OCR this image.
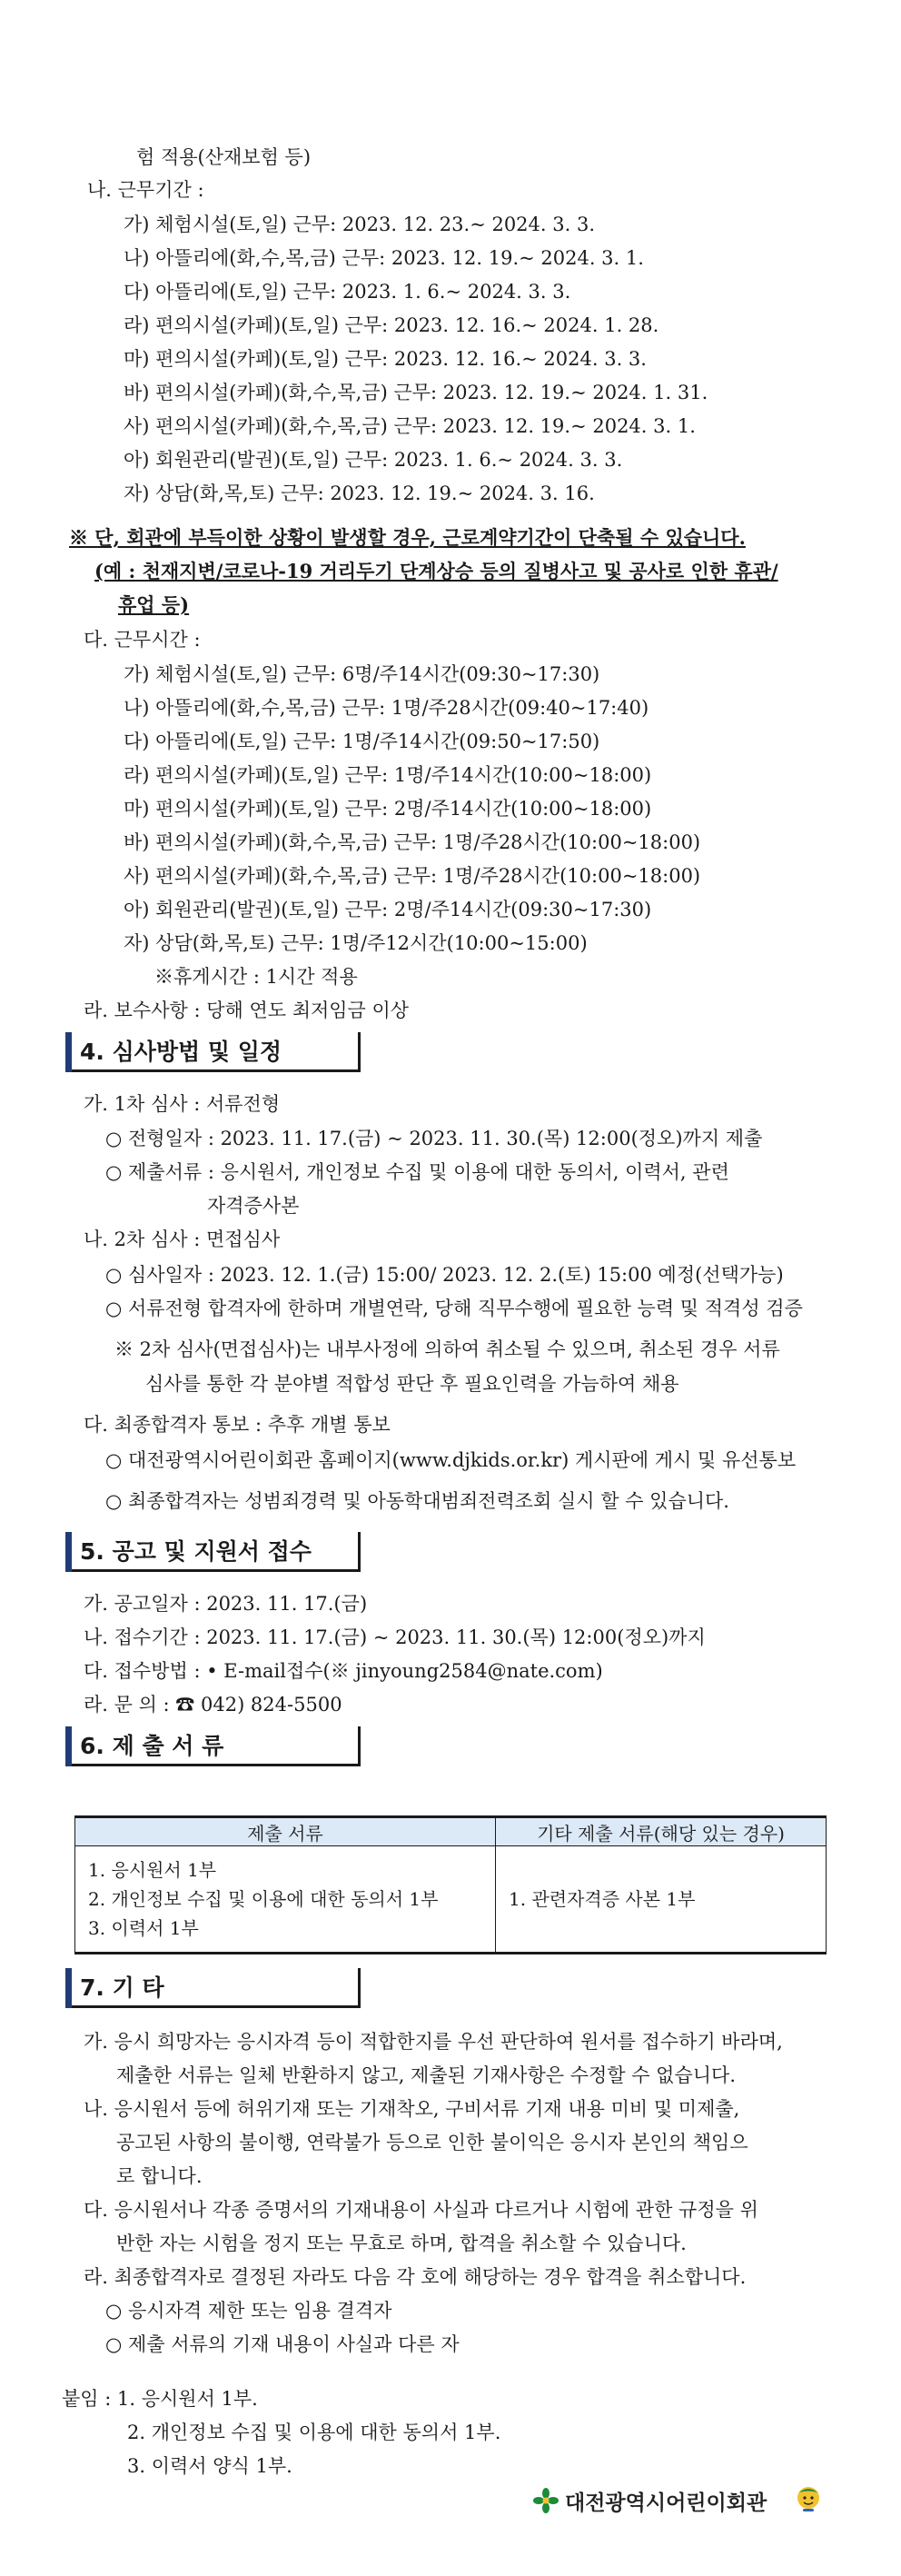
험 적용(산재보험 등)
나. 근무기간 :
가) 체험시설(토,일) 근무: 2023. 12. 23.~ 2024. 3. 3.
나) 아뜰리에(화,수,목,금) 근무: 2023. 12. 19.~ 2024. 3. 1.
다) 아뜰리에(토,일) 근무: 2023. 1. 6.~ 2024. 3. 3.
라) 편의시설(카페)(토,일) 근무: 2023. 12. 16.~ 2024. 1. 28.
마) 편의시설(카페)(토,일) 근무: 2023. 12. 16.~ 2024. 3. 3.
바) 편의시설(카페)(화,수,목,금) 근무: 2023. 12. 19.~ 2024. 1. 31.
사) 편의시설(카페)(화,수,목,금) 근무: 2023. 12. 19.~ 2024. 3. 1.
아) 회원관리(발권)(토,일) 근무: 2023. 1. 6.~ 2024. 3. 3.
자) 상담(화,목,토) 근무: 2023. 12. 19.~ 2024. 3. 16.
※ 단, 회관에 부득이한 상황이 발생할 경우, 근로계약기간이 단축될 수 있습니다.
(예 : 천재지변/코로나-19 거리두기 단계상승 등의 질병사고 및 공사로 인한 휴관/
휴업 등)
다. 근무시간 :
가) 체험시설(토,일) 근무: 6명/주14시간(09:30~17:30)
나) 아뜰리에(화,수,목,금) 근무: 1명/주28시간(09:40~17:40)
다) 아뜰리에(토,일) 근무: 1명/주14시간(09:50~17:50)
라) 편의시설(카페)(토,일) 근무: 1명/주14시간(10:00~18:00)
마) 편의시설(카페)(토,일) 근무: 2명/주14시간(10:00~18:00)
바) 편의시설(카페)(화,수,목,금) 근무: 1명/주28시간(10:00~18:00)
사) 편의시설(카페)(화,수,목,금) 근무: 1명/주28시간(10:00~18:00)
아) 회원관리(발권)(토,일) 근무: 2명/주14시간(09:30~17:30)
자) 상담(화,목,토) 근무: 1명/주12시간(10:00~15:00)
※휴게시간 : 1시간 적용
라. 보수사항 : 당해 연도 최저임금 이상
4. 심사방법 및 일정
가. 1차 심사 : 서류전형
○ 전형일자 : 2023. 11. 17.(금) ~ 2023. 11. 30.(목) 12:00(정오)까지 제출
○ 제출서류 : 응시원서, 개인정보 수집 및 이용에 대한 동의서, 이력서, 관련
자격증사본
나. 2차 심사 : 면접심사
○ 심사일자 : 2023. 12. 1.(금) 15:00/ 2023. 12. 2.(토) 15:00 예정(선택가능)
○ 서류전형 합격자에 한하며 개별연락, 당해 직무수행에 필요한 능력 및 적격성 검증
※ 2차 심사(면접심사)는 내부사정에 의하여 취소될 수 있으며, 취소된 경우 서류
심사를 통한 각 분야별 적합성 판단 후 필요인력을 가늠하여 채용
다. 최종합격자 통보 : 추후 개별 통보
○ 대전광역시어린이회관 홈페이지(www.djkids.or.kr) 게시판에 게시 및 유선통보
○ 최종합격자는 성범죄경력 및 아동학대범죄전력조회 실시 할 수 있습니다.
5. 공고 및 지원서 접수
가. 공고일자 : 2023. 11. 17.(금)
나. 접수기간 : 2023. 11. 17.(금) ~ 2023. 11. 30.(목) 12:00(정오)까지
다. 접수방법 : • E-mail접수(※ jinyoung2584@nate.com)
라. 문 의 : ☎ 042) 824-5500
6. 제 출 서 류
제출 서류	기타 제출 서류(해당 있는 경우)

1. 응시원서 1부
2. 개인정보 수집 및 이용에 대한 동의서 1부
3. 이력서 1부	1. 관련자격증 사본 1부
7. 기 타
가. 응시 희망자는 응시자격 등이 적합한지를 우선 판단하여 원서를 접수하기 바라며,
제출한 서류는 일체 반환하지 않고, 제출된 기재사항은 수정할 수 없습니다.
나. 응시원서 등에 허위기재 또는 기재착오, 구비서류 기재 내용 미비 및 미제출,
공고된 사항의 불이행, 연락불가 등으로 인한 불이익은 응시자 본인의 책임으
로 합니다.
다. 응시원서나 각종 증명서의 기재내용이 사실과 다르거나 시험에 관한 규정을 위
반한 자는 시험을 정지 또는 무효로 하며, 합격을 취소할 수 있습니다.
라. 최종합격자로 결정된 자라도 다음 각 호에 해당하는 경우 합격을 취소합니다.
○ 응시자격 제한 또는 임용 결격자
○ 제출 서류의 기재 내용이 사실과 다른 자
붙임 : 1. 응시원서 1부.
2. 개인정보 수집 및 이용에 대한 동의서 1부.
3. 이력서 양식 1부.
대전광역시어린이회관
